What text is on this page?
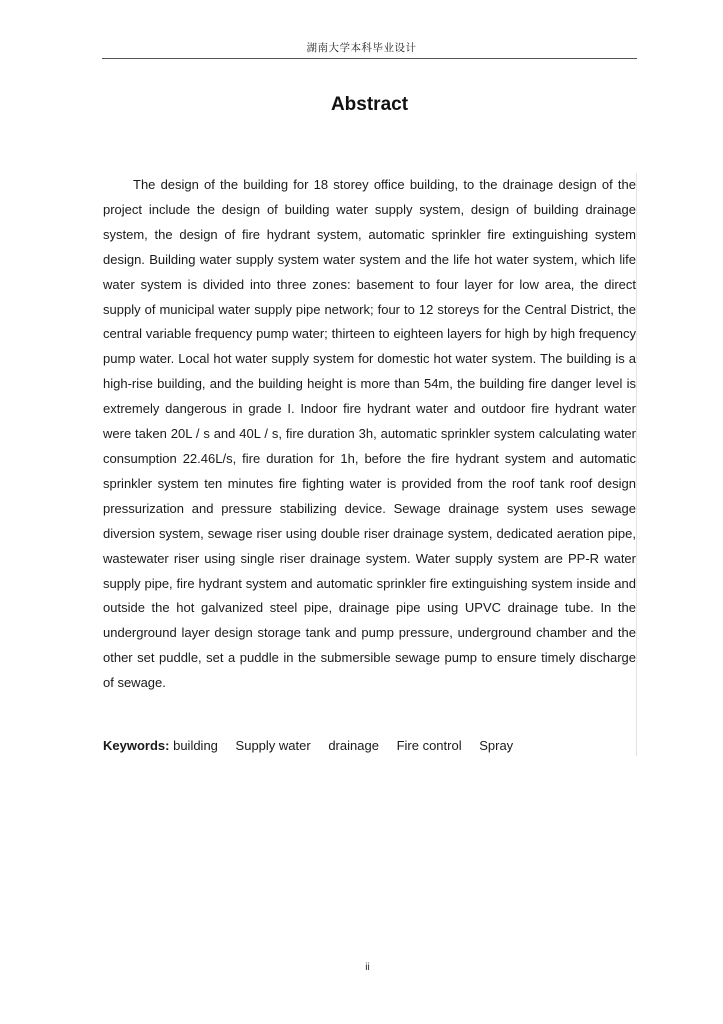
湖南大学本科毕业设计
Abstract

The design of the building for 18 storey office building, to the drainage design of the project include the design of building water supply system, design of building drainage system, the design of fire hydrant system, automatic sprinkler fire extinguishing system design. Building water supply system water system and the life hot water system, which life water system is divided into three zones: basement to four layer for low area, the direct supply of municipal water supply pipe network; four to 12 storeys for the Central District, the central variable frequency pump water; thirteen to eighteen layers for high by high frequency pump water. Local hot water supply system for domestic hot water system. The building is a high-rise building, and the building height is more than 54m, the building fire danger level is extremely dangerous in grade I. Indoor fire hydrant water and outdoor fire hydrant water were taken 20L / s and 40L / s, fire duration 3h, automatic sprinkler system calculating water consumption 22.46L/s, fire duration for 1h, before the fire hydrant system and automatic sprinkler system ten minutes fire fighting water is provided from the roof tank roof design pressurization and pressure stabilizing device. Sewage drainage system uses sewage diversion system, sewage riser using double riser drainage system, dedicated aeration pipe, wastewater riser using single riser drainage system. Water supply system are PP-R water supply pipe, fire hydrant system and automatic sprinkler fire extinguishing system inside and outside the hot galvanized steel pipe, drainage pipe using UPVC drainage tube. In the underground layer design storage tank and pump pressure, underground chamber and the other set puddle, set a puddle in the submersible sewage pump to ensure timely discharge of sewage.

Keywords: building Supply water drainage Fire control Spray
ii
